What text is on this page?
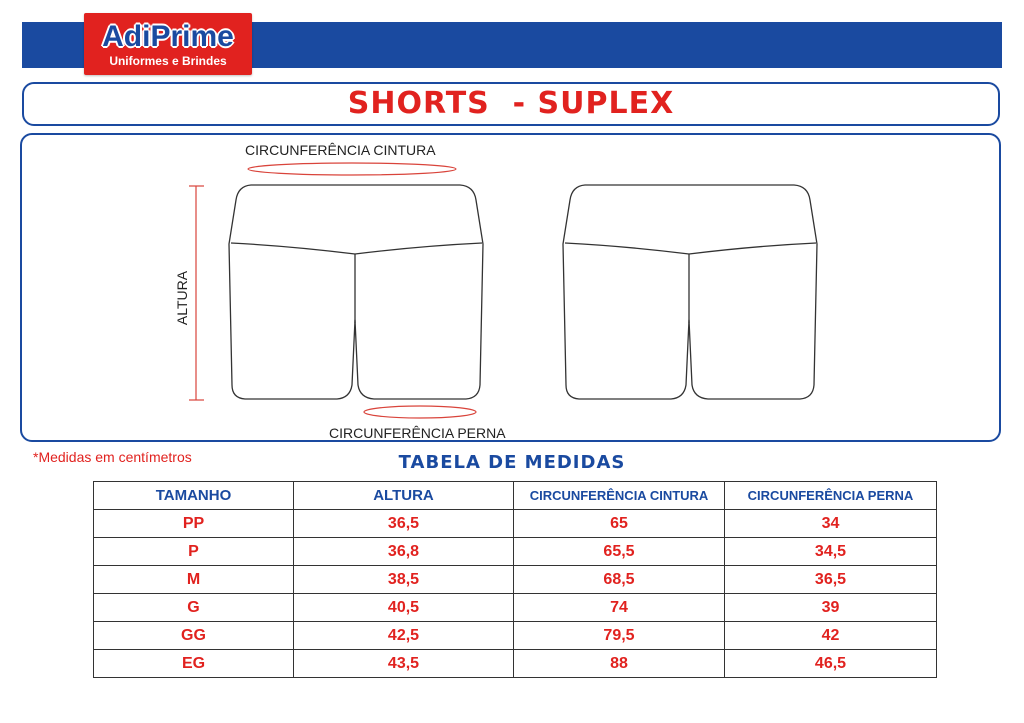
AdiPrime
Uniformes e Brindes
SHORTS  - SUPLEX
CIRCUNFERÊNCIA CINTURA
CIRCUNFERÊNCIA PERNA
ALTURA
*Medidas em centímetros	TABELA DE MEDIDAS
TAMANHO	ALTURA	CIRCUNFERÊNCIA CINTURA	CIRCUNFERÊNCIA PERNA
PP	36,5	65	34
P	36,8	65,5	34,5
M	38,5	68,5	36,5
G	40,5	74	39
GG	42,5	79,5	42
EG	43,5	88	46,5
